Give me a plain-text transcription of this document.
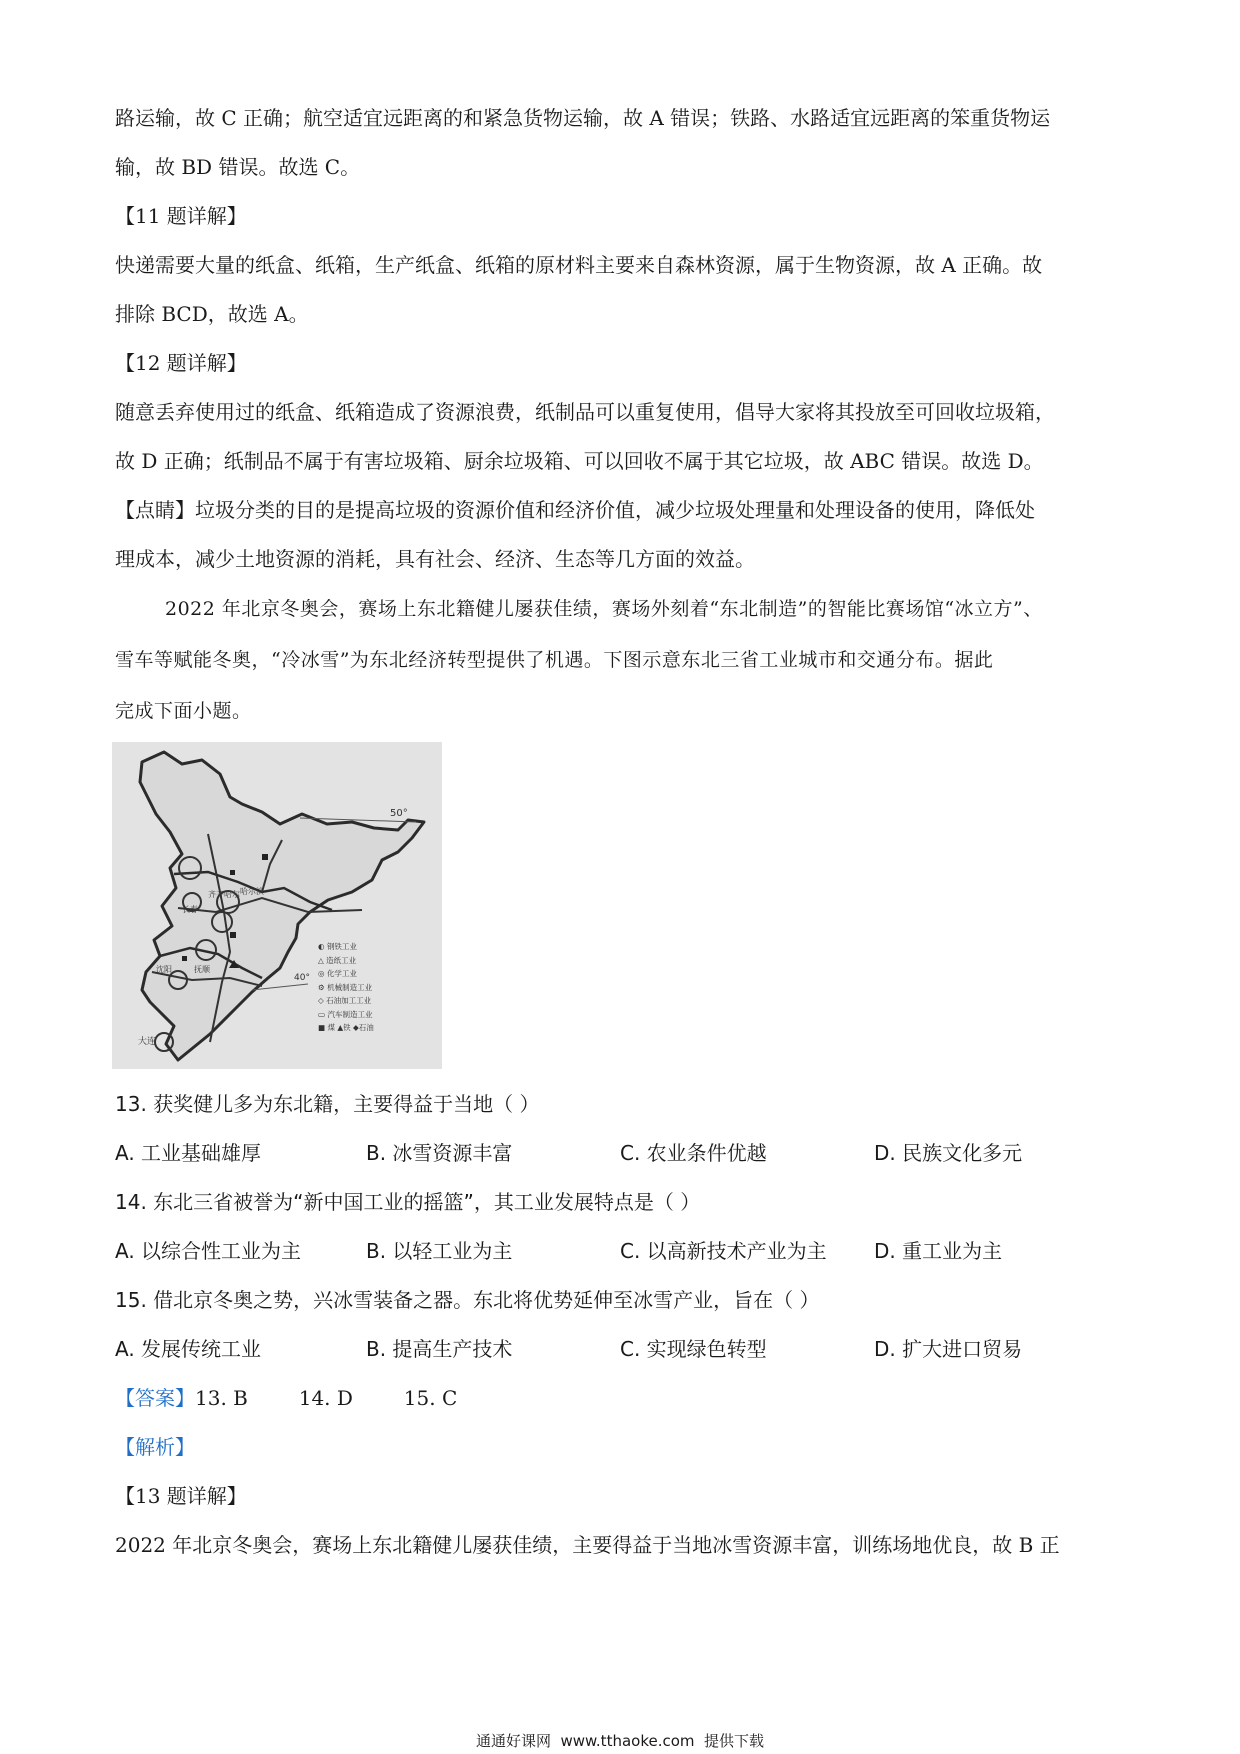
路运输，故 C 正确；航空适宜远距离的和紧急货物运输，故 A 错误；铁路、水路适宜远距离的笨重货物运

输，故 BD 错误。故选 C。

【11 题详解】

快递需要大量的纸盒、纸箱，生产纸盒、纸箱的原材料主要来自森林资源，属于生物资源，故 A 正确。故

排除 BCD，故选 A。

【12 题详解】

随意丢弃使用过的纸盒、纸箱造成了资源浪费，纸制品可以重复使用，倡导大家将其投放至可回收垃圾箱，

故 D 正确；纸制品不属于有害垃圾箱、厨余垃圾箱、可以回收不属于其它垃圾，故 ABC 错误。故选 D。

【点睛】垃圾分类的目的是提高垃圾的资源价值和经济价值，减少垃圾处理量和处理设备的使用，降低处

理成本，减少土地资源的消耗，具有社会、经济、生态等几方面的效益。

2022 年北京冬奥会，赛场上东北籍健儿屡获佳绩，赛场外刻着“东北制造”的智能比赛场馆“冰立方”、

雪车等赋能冬奥，“冷冰雪”为东北经济转型提供了机遇。下图示意东北三省工业城市和交通分布。据此

完成下面小题。

50°
40°
齐齐哈尔 哈尔滨
长春
沈阳	抚顺
大连
◐ 钢铁工业
△ 造纸工业
◎ 化学工业
⚙ 机械制造工业
◇ 石油加工工业
▭ 汽车制造工业
■ 煤 ▲铁 ◆石油

13. 获奖健儿多为东北籍，主要得益于当地（ ）

A. 工业基础雄厚	B. 冰雪资源丰富	C. 农业条件优越	D. 民族文化多元

14. 东北三省被誉为“新中国工业的摇篮”，其工业发展特点是（ ）

A. 以综合性工业为主	B. 以轻工业为主	C. 以高新技术产业为主 D. 重工业为主

15. 借北京冬奥之势，兴冰雪装备之器。东北将优势延伸至冰雪产业，旨在（ ）

A. 发展传统工业	B. 提高生产技术	C. 实现绿色转型	D. 扩大进口贸易

【答案】13. B        14. D        15. C

【解析】

【13 题详解】

2022 年北京冬奥会，赛场上东北籍健儿屡获佳绩，主要得益于当地冰雪资源丰富，训练场地优良，故 B 正

通通好课网  www.tthaoke.com  提供下载
